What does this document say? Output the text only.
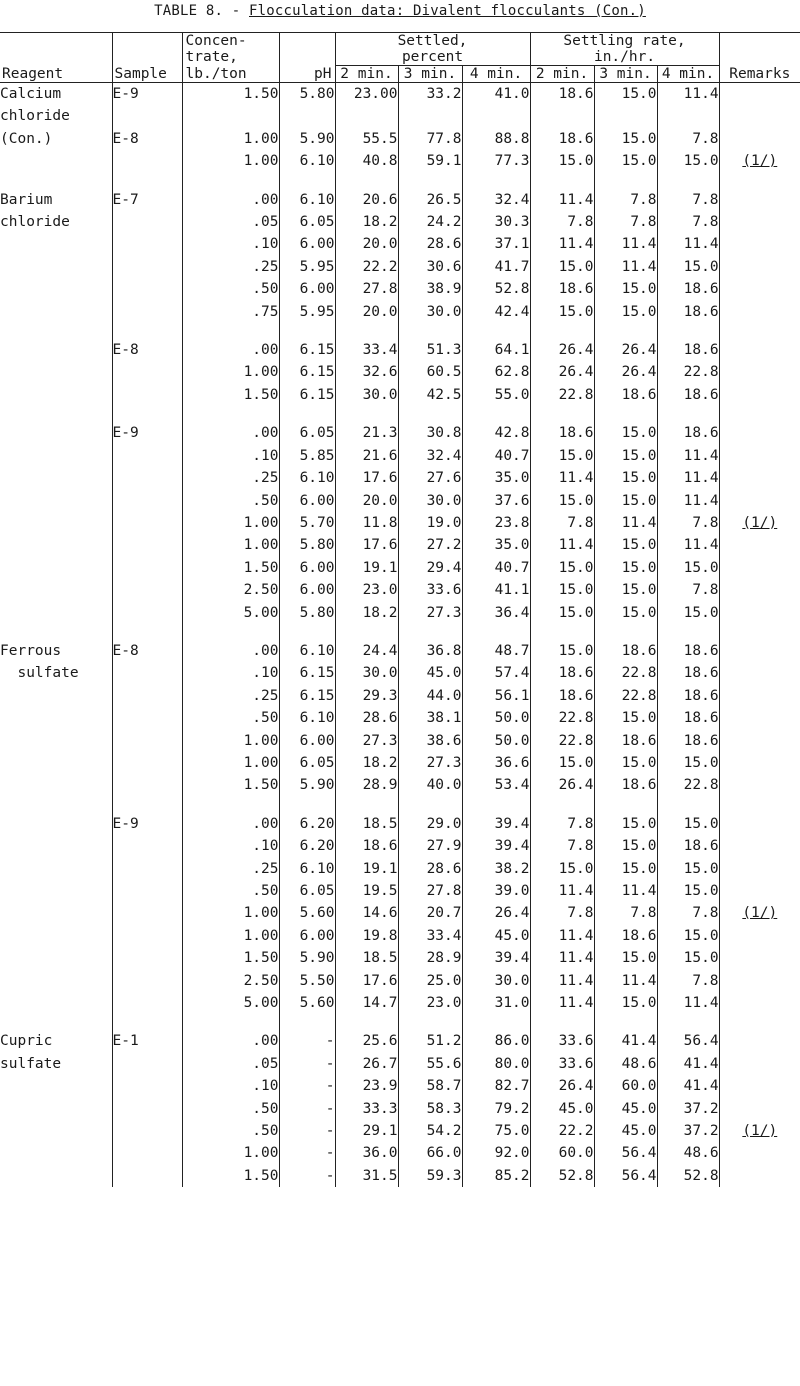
TABLE 8. - Flocculation data: Divalent flocculants (Con.)
		Concen-		Settled,			Settling rate,			
		trate,		percent			in./hr.			
Reagent	Sample	lb./ton	pH	2 min.	3 min.	4 min.	2 min.	3 min.	4 min.	Remarks
Calcium	E-9	1.50	5.80	23.00	33.2	41.0	18.6	15.0	11.4	
chloride										
(Con.)	E-8	1.00	5.90	55.5	77.8	88.8	18.6	15.0	7.8	
		1.00	6.10	40.8	59.1	77.3	15.0	15.0	15.0	(1/)

Barium	E-7	.00	6.10	20.6	26.5	32.4	11.4	7.8	7.8	
chloride		.05	6.05	18.2	24.2	30.3	7.8	7.8	7.8	
		.10	6.00	20.0	28.6	37.1	11.4	11.4	11.4	
		.25	5.95	22.2	30.6	41.7	15.0	11.4	15.0	
		.50	6.00	27.8	38.9	52.8	18.6	15.0	18.6	
		.75	5.95	20.0	30.0	42.4	15.0	15.0	18.6	

	E-8	.00	6.15	33.4	51.3	64.1	26.4	26.4	18.6	
		1.00	6.15	32.6	60.5	62.8	26.4	26.4	22.8	
		1.50	6.15	30.0	42.5	55.0	22.8	18.6	18.6	

	E-9	.00	6.05	21.3	30.8	42.8	18.6	15.0	18.6	
		.10	5.85	21.6	32.4	40.7	15.0	15.0	11.4	
		.25	6.10	17.6	27.6	35.0	11.4	15.0	11.4	
		.50	6.00	20.0	30.0	37.6	15.0	15.0	11.4	
		1.00	5.70	11.8	19.0	23.8	7.8	11.4	7.8	(1/)
		1.00	5.80	17.6	27.2	35.0	11.4	15.0	11.4	
		1.50	6.00	19.1	29.4	40.7	15.0	15.0	15.0	
		2.50	6.00	23.0	33.6	41.1	15.0	15.0	7.8	
		5.00	5.80	18.2	27.3	36.4	15.0	15.0	15.0	

Ferrous	E-8	.00	6.10	24.4	36.8	48.7	15.0	18.6	18.6	
sulfate		.10	6.15	30.0	45.0	57.4	18.6	22.8	18.6	
		.25	6.15	29.3	44.0	56.1	18.6	22.8	18.6	
		.50	6.10	28.6	38.1	50.0	22.8	15.0	18.6	
		1.00	6.00	27.3	38.6	50.0	22.8	18.6	18.6	
		1.00	6.05	18.2	27.3	36.6	15.0	15.0	15.0	
		1.50	5.90	28.9	40.0	53.4	26.4	18.6	22.8	

	E-9	.00	6.20	18.5	29.0	39.4	7.8	15.0	15.0	
		.10	6.20	18.6	27.9	39.4	7.8	15.0	18.6	
		.25	6.10	19.1	28.6	38.2	15.0	15.0	15.0	
		.50	6.05	19.5	27.8	39.0	11.4	11.4	15.0	
		1.00	5.60	14.6	20.7	26.4	7.8	7.8	7.8	(1/)
		1.00	6.00	19.8	33.4	45.0	11.4	18.6	15.0	
		1.50	5.90	18.5	28.9	39.4	11.4	15.0	15.0	
		2.50	5.50	17.6	25.0	30.0	11.4	11.4	7.8	
		5.00	5.60	14.7	23.0	31.0	11.4	15.0	11.4	

Cupric	E-1	.00	-	25.6	51.2	86.0	33.6	41.4	56.4	
sulfate		.05	-	26.7	55.6	80.0	33.6	48.6	41.4	
		.10	-	23.9	58.7	82.7	26.4	60.0	41.4	
		.50	-	33.3	58.3	79.2	45.0	45.0	37.2	
		.50	-	29.1	54.2	75.0	22.2	45.0	37.2	(1/)
		1.00	-	36.0	66.0	92.0	60.0	56.4	48.6	
		1.50	-	31.5	59.3	85.2	52.8	56.4	52.8	
